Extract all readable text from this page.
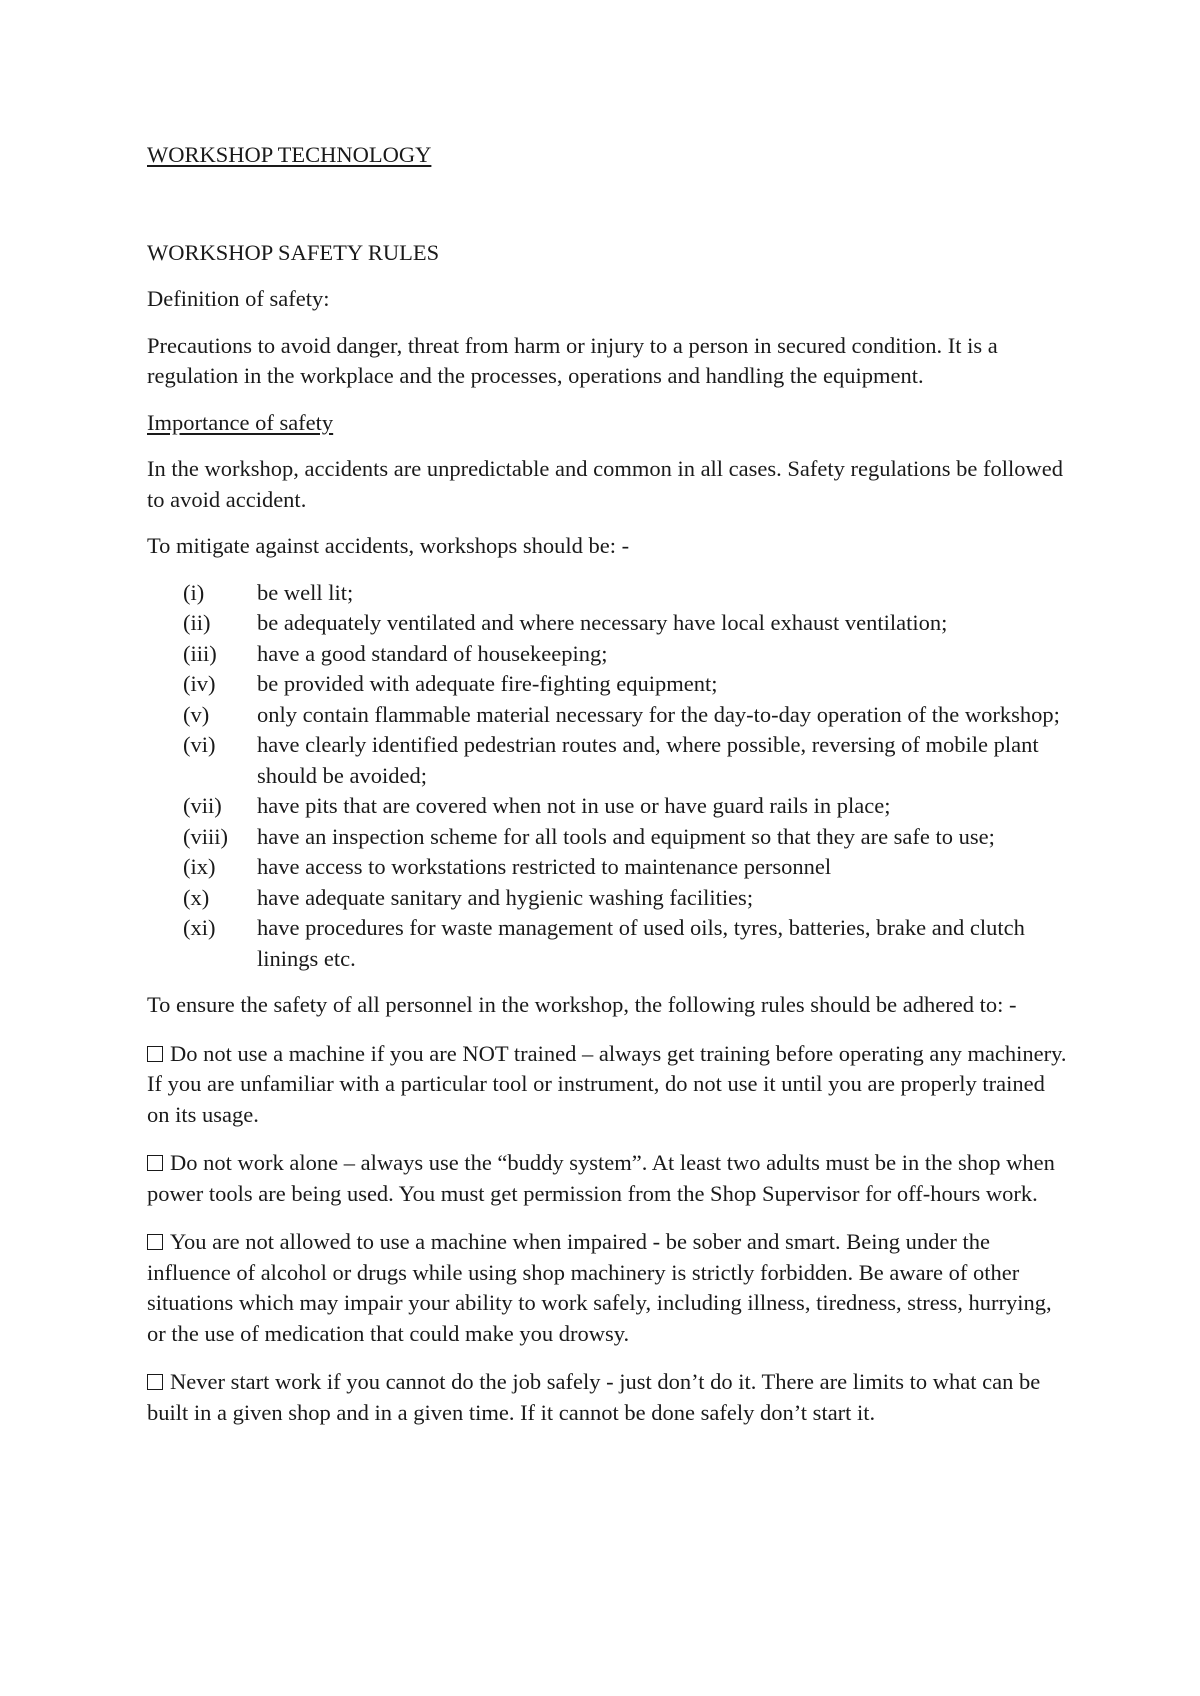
WORKSHOP TECHNOLOGY
WORKSHOP SAFETY RULES

Definition of safety:

Precautions to avoid danger, threat from harm or injury to a person in secured condition. It is a regulation in the workplace and the processes, operations and handling the equipment.

Importance of safety

In the workshop, accidents are unpredictable and common in all cases. Safety regulations be followed to avoid accident.

To mitigate against accidents, workshops should be: -

(i)	be well lit;
(ii)	be adequately ventilated and where necessary have local exhaust ventilation;
(iii)	have a good standard of housekeeping;
(iv)	be provided with adequate fire-fighting equipment;
(v)	only contain flammable material necessary for the day-to-day operation of the workshop;
(vi)	have clearly identified pedestrian routes and, where possible, reversing of mobile plant should be avoided;
(vii)	have pits that are covered when not in use or have guard rails in place;
(viii)	have an inspection scheme for all tools and equipment so that they are safe to use;
(ix)	have access to workstations restricted to maintenance personnel
(x)	have adequate sanitary and hygienic washing facilities;
(xi)	have procedures for waste management of used oils, tyres, batteries, brake and clutch linings etc.

To ensure the safety of all personnel in the workshop, the following rules should be adhered to: -

Do not use a machine if you are NOT trained – always get training before operating any machinery. If you are unfamiliar with a particular tool or instrument, do not use it until you are properly trained on its usage.

Do not work alone – always use the “buddy system”. At least two adults must be in the shop when power tools are being used. You must get permission from the Shop Supervisor for off-hours work.

You are not allowed to use a machine when impaired - be sober and smart. Being under the influence of alcohol or drugs while using shop machinery is strictly forbidden. Be aware of other situations which may impair your ability to work safely, including illness, tiredness, stress, hurrying, or the use of medication that could make you drowsy.

Never start work if you cannot do the job safely - just don’t do it. There are limits to what can be built in a given shop and in a given time. If it cannot be done safely don’t start it.
